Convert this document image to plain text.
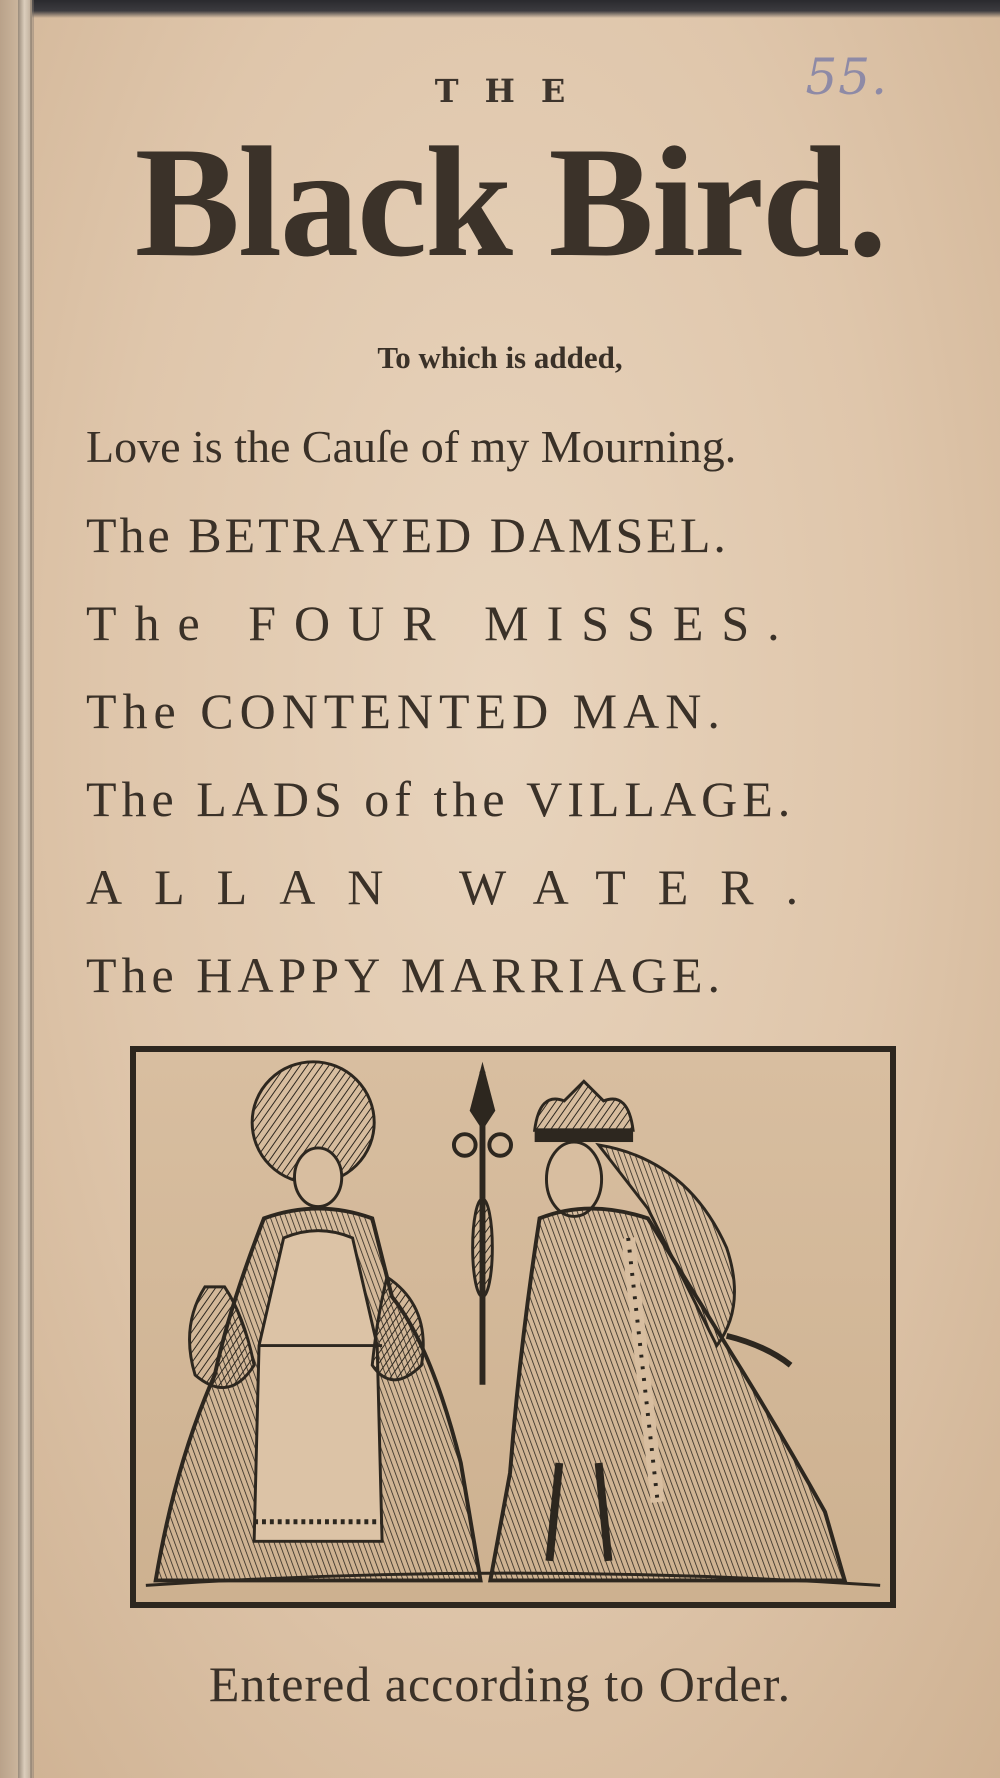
55.
THE
Black Bird.
To which is added,
Love is the Cauſe of my Mourning.
The BETRAYED DAMSEL.
The FOUR MISSES.
The CONTENTED MAN.
The LADS of the VILLAGE.
ALLAN WATER.
The HAPPY MARRIAGE.
Entered according to Order.
